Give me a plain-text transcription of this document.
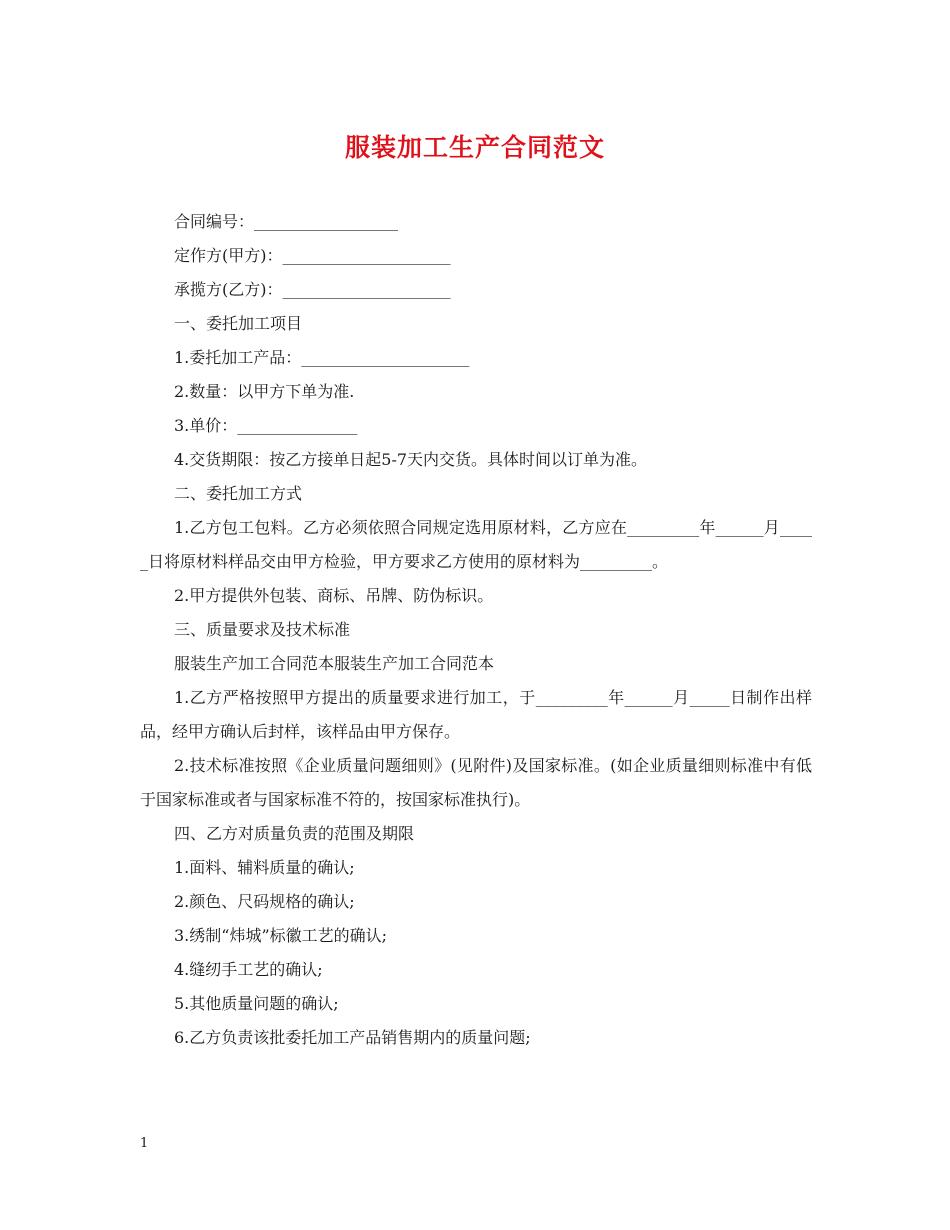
服装加工生产合同范文

合同编号：__________________

定作方(甲方)：_____________________

承揽方(乙方)：_____________________

一、委托加工项目

1.委托加工产品：_____________________

2.数量：以甲方下单为准.

3.单价：_______________

4.交货期限：按乙方接单日起5-7天内交货。具体时间以订单为准。

二、委托加工方式

1.乙方包工包料。乙方必须依照合同规定选用原材料，乙方应在_________年______月_____日将原材料样品交由甲方检验，甲方要求乙方使用的原材料为_________。

2.甲方提供外包装、商标、吊牌、防伪标识。

三、质量要求及技术标准

服装生产加工合同范本服装生产加工合同范本

1.乙方严格按照甲方提出的质量要求进行加工，于_________年______月_____日制作出样品，经甲方确认后封样，该样品由甲方保存。

2.技术标准按照《企业质量问题细则》(见附件)及国家标准。(如企业质量细则标准中有低于国家标准或者与国家标准不符的，按国家标准执行)。

四、乙方对质量负责的范围及期限

1.面料、辅料质量的确认;

2.颜色、尺码规格的确认;

3.绣制“炜城”标徽工艺的确认;

4.缝纫手工艺的确认;

5.其他质量问题的确认;

6.乙方负责该批委托加工产品销售期内的质量问题;

1
